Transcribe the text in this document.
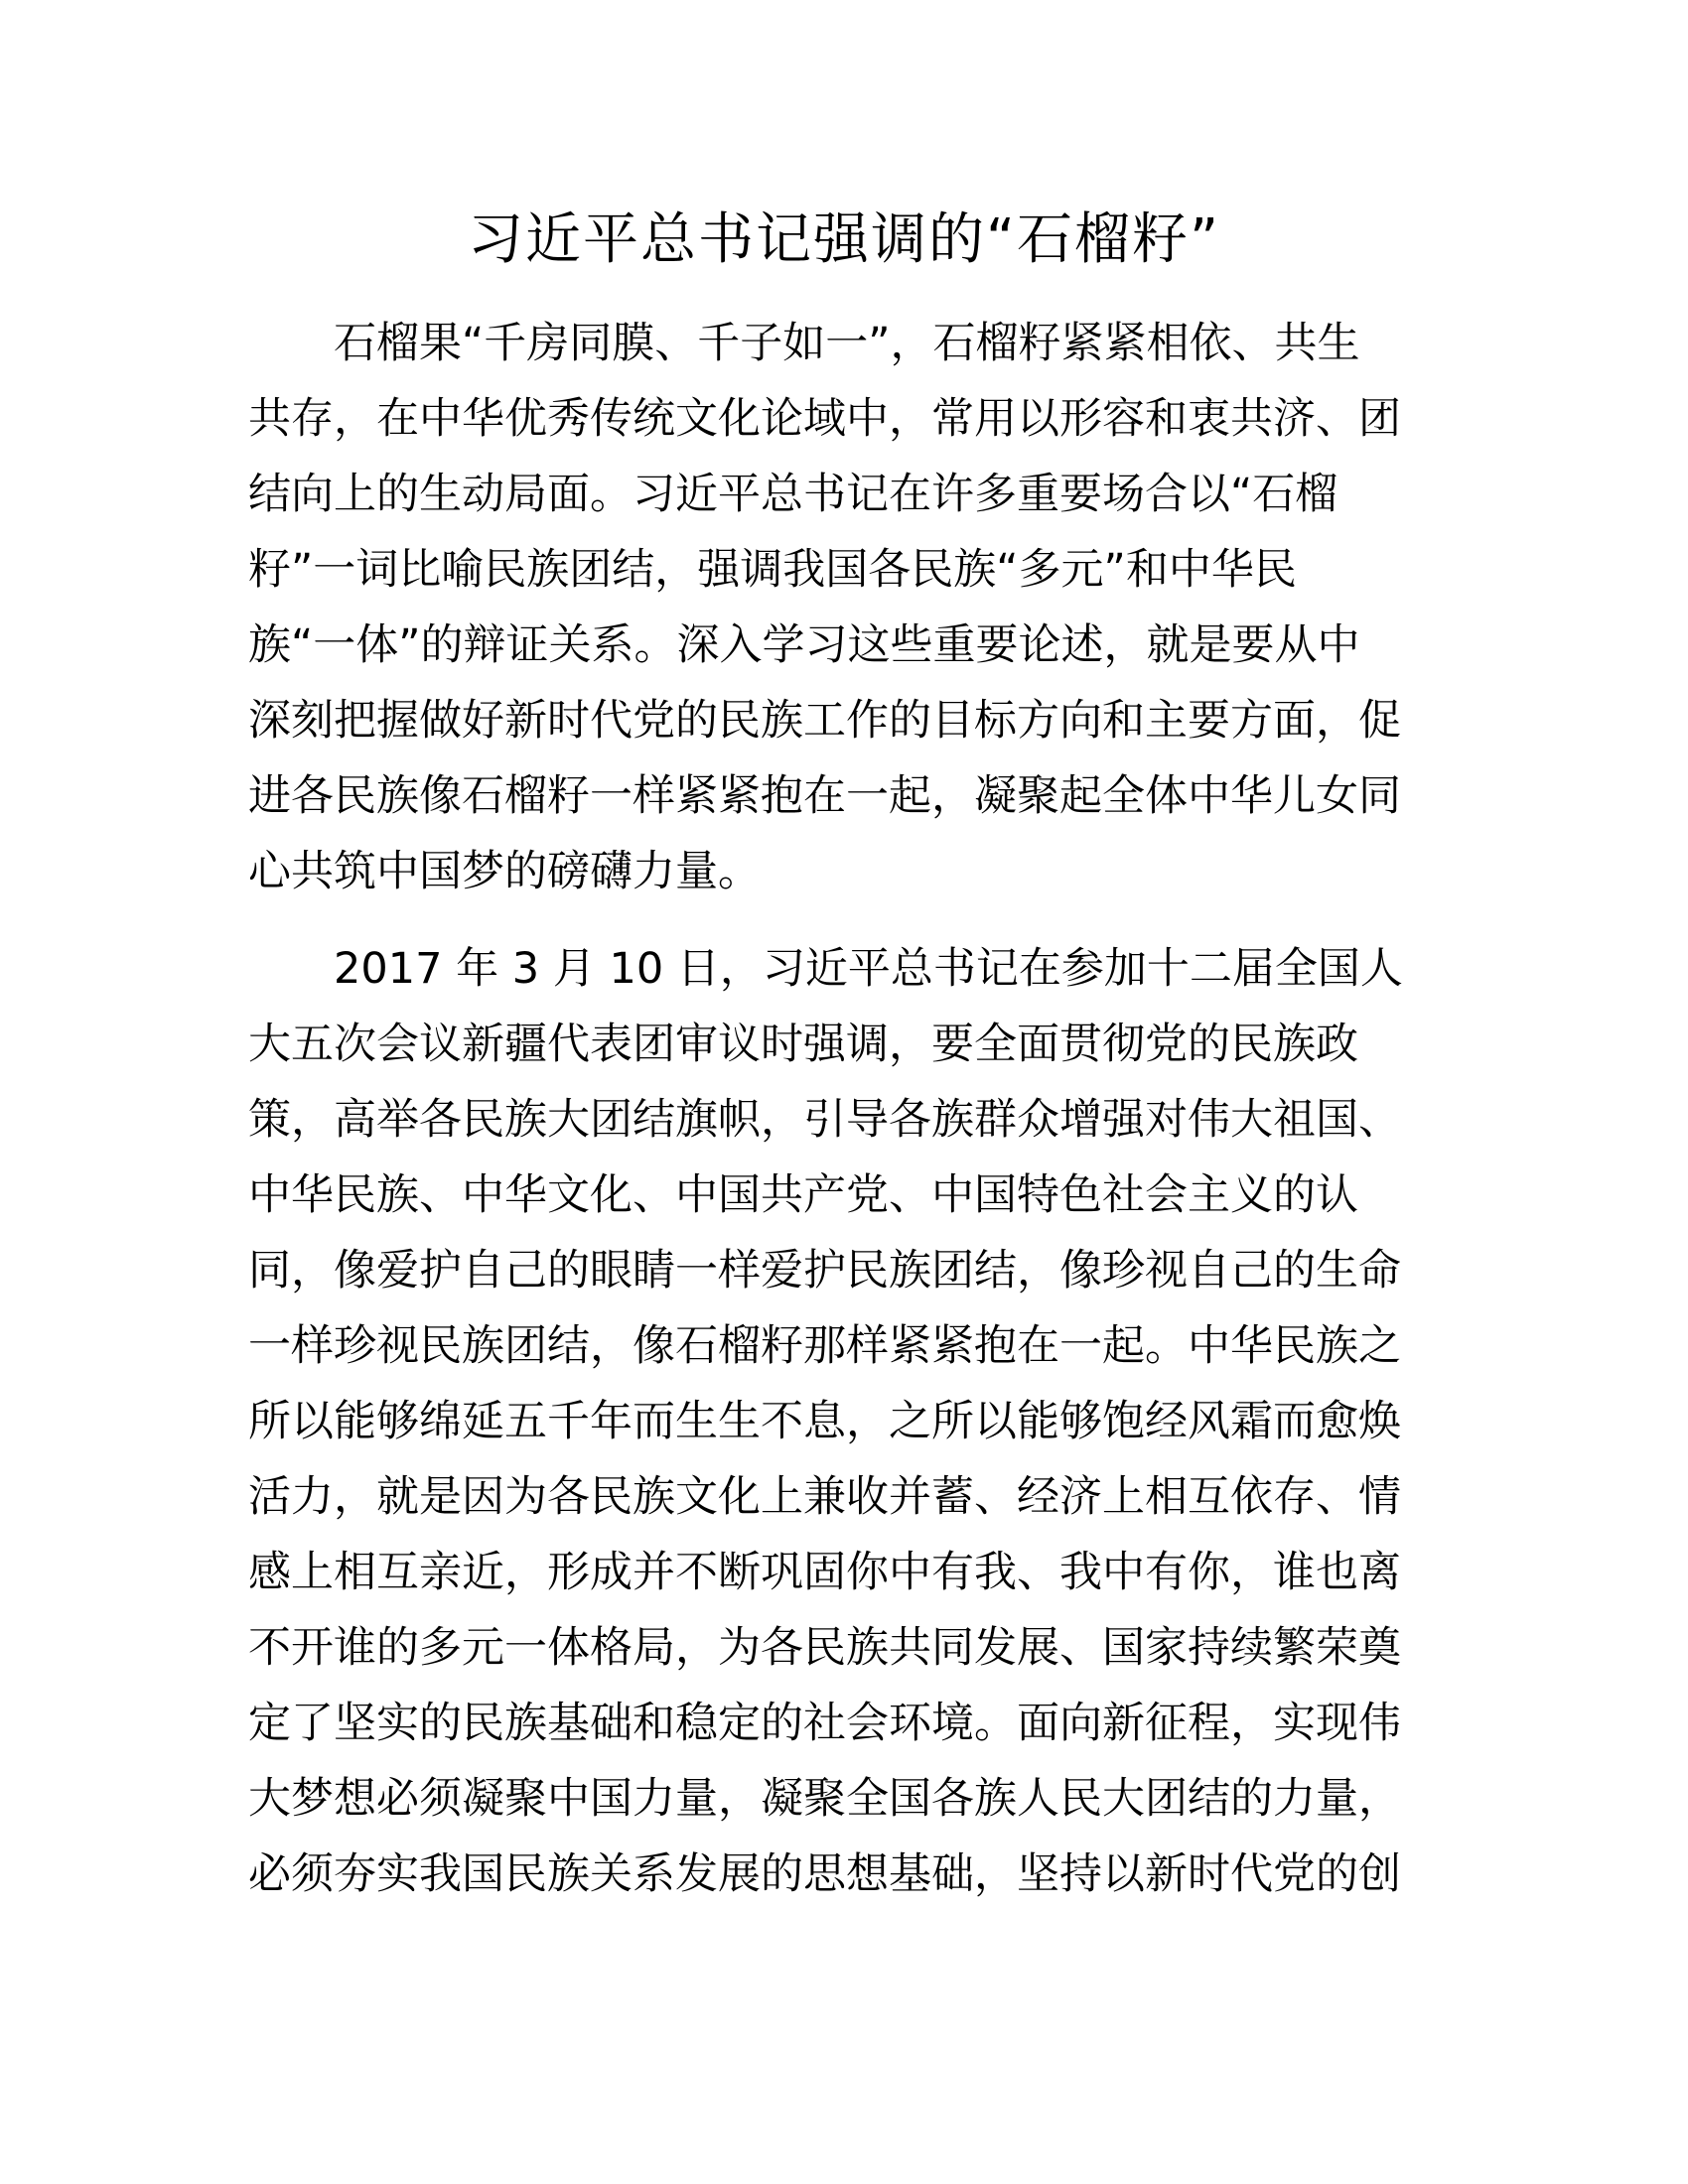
习近平总书记强调的“石榴籽”

石榴果“千房同膜、千子如一”，石榴籽紧紧相依、共生
共存，在中华优秀传统文化论域中，常用以形容和衷共济、团
结向上的生动局面。习近平总书记在许多重要场合以“石榴
籽”一词比喻民族团结，强调我国各民族“多元”和中华民
族“一体”的辩证关系。深入学习这些重要论述，就是要从中
深刻把握做好新时代党的民族工作的目标方向和主要方面，促
进各民族像石榴籽一样紧紧抱在一起，凝聚起全体中华儿女同
心共筑中国梦的磅礴力量。

2017 年 3 月 10 日，习近平总书记在参加十二届全国人
大五次会议新疆代表团审议时强调，要全面贯彻党的民族政
策，高举各民族大团结旗帜，引导各族群众增强对伟大祖国、
中华民族、中华文化、中国共产党、中国特色社会主义的认
同，像爱护自己的眼睛一样爱护民族团结，像珍视自己的生命
一样珍视民族团结，像石榴籽那样紧紧抱在一起。中华民族之
所以能够绵延五千年而生生不息，之所以能够饱经风霜而愈焕
活力，就是因为各民族文化上兼收并蓄、经济上相互依存、情
感上相互亲近，形成并不断巩固你中有我、我中有你，谁也离
不开谁的多元一体格局，为各民族共同发展、国家持续繁荣奠
定了坚实的民族基础和稳定的社会环境。面向新征程，实现伟
大梦想必须凝聚中国力量，凝聚全国各族人民大团结的力量，
必须夯实我国民族关系发展的思想基础，坚持以新时代党的创
